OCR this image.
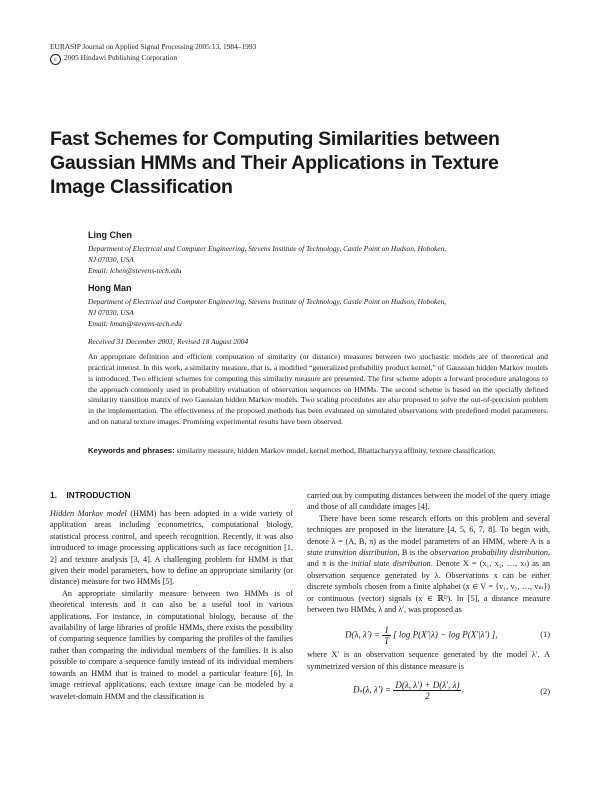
EURASIP Journal on Applied Signal Processing 2005:13, 1984–1993
c 2005 Hindawi Publishing Corporation
Fast Schemes for Computing Similarities between Gaussian HMMs and Their Applications in Texture Image Classification
Ling Chen
Department of Electrical and Computer Engineering, Stevens Institute of Technology, Castle Point on Hudson, Hoboken,
NJ 07030, USA
Email: lchen@stevens-tech.edu
Hong Man
Department of Electrical and Computer Engineering, Stevens Institute of Technology, Castle Point on Hudson, Hoboken,
NJ 07030, USA
Email: hman@stevens-tech.edu
Received 31 December 2003; Revised 18 August 2004
An appropriate definition and efficient computation of similarity (or distance) measures between two stochastic models are of theoretical and practical interest. In this work, a similarity measure, that is, a modified “generalized probability product kernel,” of Gaussian hidden Markov models is introduced. Two efficient schemes for computing this similarity measure are presented. The first scheme adopts a forward procedure analogous to the approach commonly used in probability evaluation of observation sequences on HMMs. The second scheme is based on the specially defined similarity transition matrix of two Gaussian hidden Markov models. Two scaling procedures are also proposed to solve the out-of-precision problem in the implementation. The effectiveness of the proposed methods has been evaluated on simulated observations with predefined model parameters, and on natural texture images. Promising experimental results have been observed.
Keywords and phrases: similarity measure, hidden Markov model, kernel method, Bhattacharyya affinity, texture classification.
1. INTRODUCTION

Hidden Markov model (HMM) has been adopted in a wide variety of application areas including econometrics, computational biology, statistical process control, and speech recognition. Recently, it was also introduced to image processing applications such as face recognition [1, 2] and texture analysis [3, 4]. A challenging problem for HMM is that given their model parameters, how to define an appropriate similarity (or distance) measure for two HMMs [5].

An appropriate similarity measure between two HMMs is of theoretical interests and it can also be a useful tool in various applications. For instance, in computational biology, because of the availability of large libraries of profile HMMs, there exists the possibility of comparing sequence families by comparing the profiles of the families rather than comparing the individual members of the families. It is also possible to compare a sequence family instead of its individual members towards an HMM that is trained to model a particular feature [6]. In image retrieval applications, each texture image can be modeled by a wavelet-domain HMM and the classification is

carried out by computing distances between the model of the query image and those of all candidate images [4].

There have been some research efforts on this problem and several techniques are proposed in the literature [4, 5, 6, 7, 8]. To begin with, denote λ = (A, B, π) as the model parameters of an HMM, where A is a state transition distribution, B is the observation probability distribution, and π is the initial state distribution. Denote X = (x₁, x₂, …, xₜ) as an observation sequence generated by λ. Observations x can be either discrete symbols chosen from a finite alphabet (x ∈ V = {v₁, v₂, …, vₘ}) or continuous (vector) signals (x ∈ ℝᴰ). In [5], a distance measure between two HMMs, λ and λ′, was proposed as

D(λ, $\lambda') = \frac{1}{T}$ [ log P(X′|λ) − log P(X′|λ′) ],	(1)

where X′ is an observation sequence generated by the model λ′. A symmetrized version of this distance measure is

Dₛ(λ, $\lambda') = \frac{D(\lambda, \lambda') + D(\lambda', \lambda)}{2}$ .	(2)
